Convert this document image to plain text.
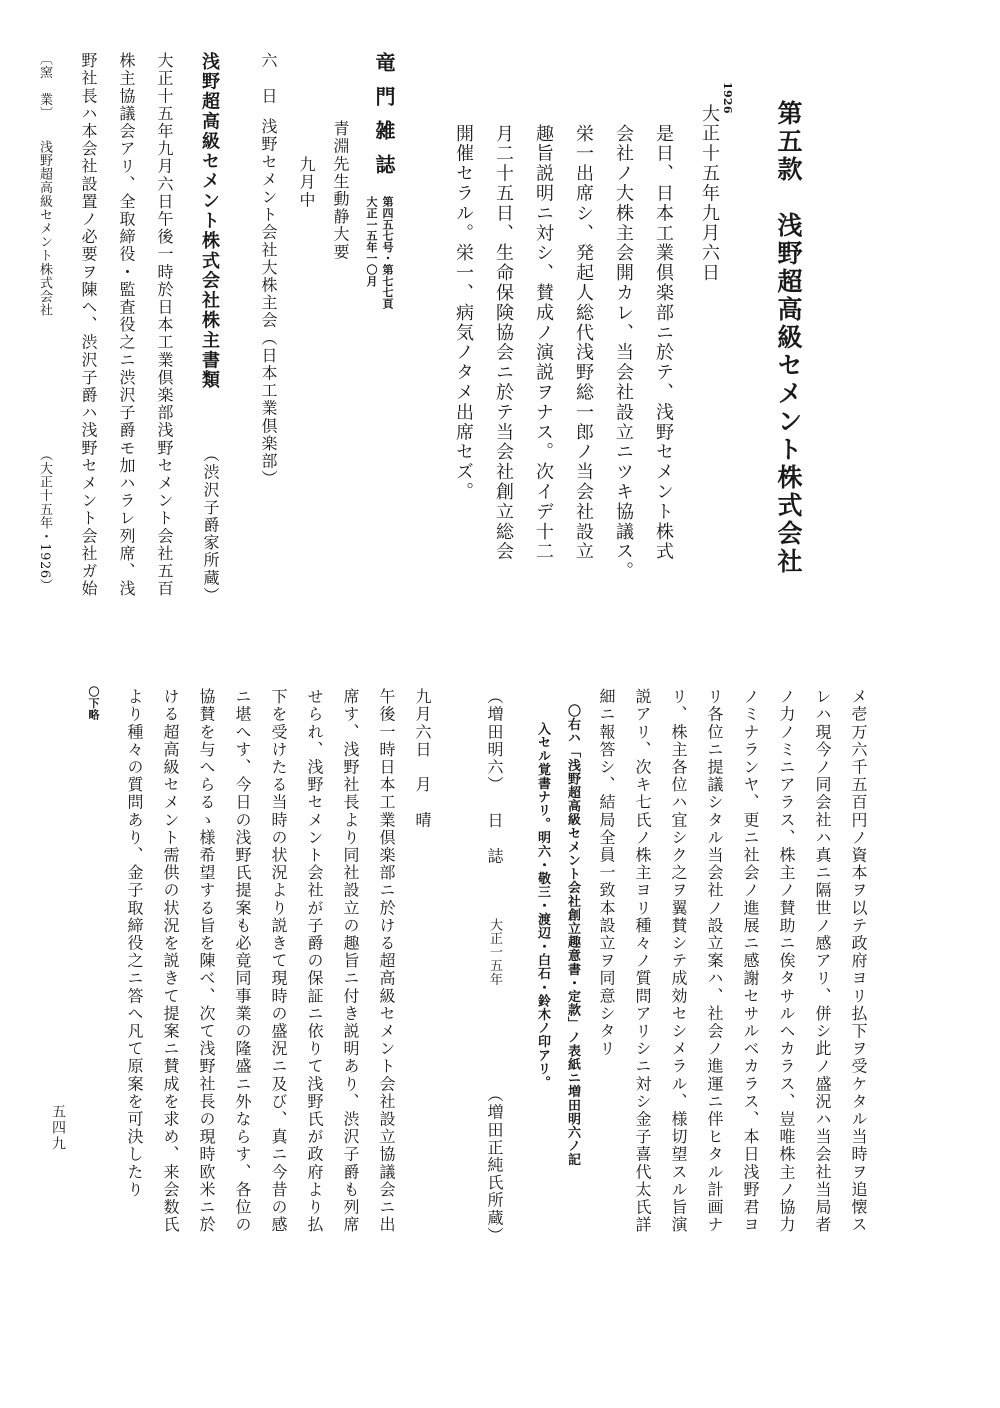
第五款　浅野超高級セメント株式会社
1926
大正十五年九月六日

是日、日本工業倶楽部ニ於テ、浅野セメント株式

会社ノ大株主会開カレ、当会社設立ニツキ協議ス。

栄一出席シ、発起人総代浅野総一郎ノ当会社設立

趣旨説明ニ対シ、賛成ノ演説ヲナス。次イデ十二

月二十五日、生命保険協会ニ於テ当会社創立総会

開催セラル。栄一、病気ノタメ出席セズ。

竜門雑誌
第四五七号・第七七頁
大正一五年一〇月
青淵先生動静大要
九月中
六　日
浅野セメント会社大株主会（日本工業倶楽部）
浅野超高級セメント株式会社株主書類
（渋沢子爵家所蔵）

大正十五年九月六日午後一時於日本工業倶楽部浅野セメント会社五百

株主協議会アリ、全取締役・監査役之ニ渋沢子爵モ加ハラレ列席、浅

野社長ハ本会社設置ノ必要ヲ陳ヘ、渋沢子爵ハ浅野セメント会社ガ始

〔窯　業〕
浅野超高級セメント株式会社
（大正十五年・1926）

メ壱万六千五百円ノ資本ヲ以テ政府ヨリ払下ヲ受ケタル当時ヲ追懐ス

レハ現今ノ同会社ハ真ニ隔世ノ感アリ、併シ此ノ盛況ハ当会社当局者

ノ力ノミニアラス、株主ノ賛助ニ俟タサルヘカラス、豈唯株主ノ協力

ノミナランヤ、更ニ社会ノ進展ニ感謝セサルベカラス、本日浅野君ヨ

リ各位ニ提議シタル当会社ノ設立案ハ、社会ノ進運ニ伴ヒタル計画ナ

リ、株主各位ハ宜シク之ヲ翼賛シテ成効セシメラル、様切望スル旨演

説アリ、次キ七氏ノ株主ヨリ種々ノ質問アリシニ対シ金子喜代太氏詳

細ニ報答シ、結局全員一致本設立ヲ同意シタリ

〇右ハ「浅野超高級セメント会社創立趣意書・定款」ノ表紙ニ増田明六ノ記

入セル覚書ナリ。明六・敬三・渡辺・白石・鈴木ノ印アリ。

（増田明六）
日　誌
大正一五年
（増田正純氏所蔵）
九月六日　月　晴

午後一時日本工業倶楽部ニ於ける超高級セメント会社設立協議会ニ出

席す、浅野社長より同社設立の趣旨ニ付き説明あり、渋沢子爵も列席

せられ、浅野セメント会社が子爵の保証ニ依りて浅野氏が政府より払

下を受けたる当時の状況より説きて現時の盛況ニ及び、真ニ今昔の感

ニ堪へす、今日の浅野氏提案も必竟同事業の隆盛ニ外ならす、各位の

協賛を与へらるゝ様希望する旨を陳べ、次て浅野社長の現時欧米ニ於

ける超高級セメント需供の状況を説きて提案ニ賛成を求め、来会数氏

より種々の質問あり、金子取締役之ニ答へ凡て原案を可決したり

〇下略
五四九
